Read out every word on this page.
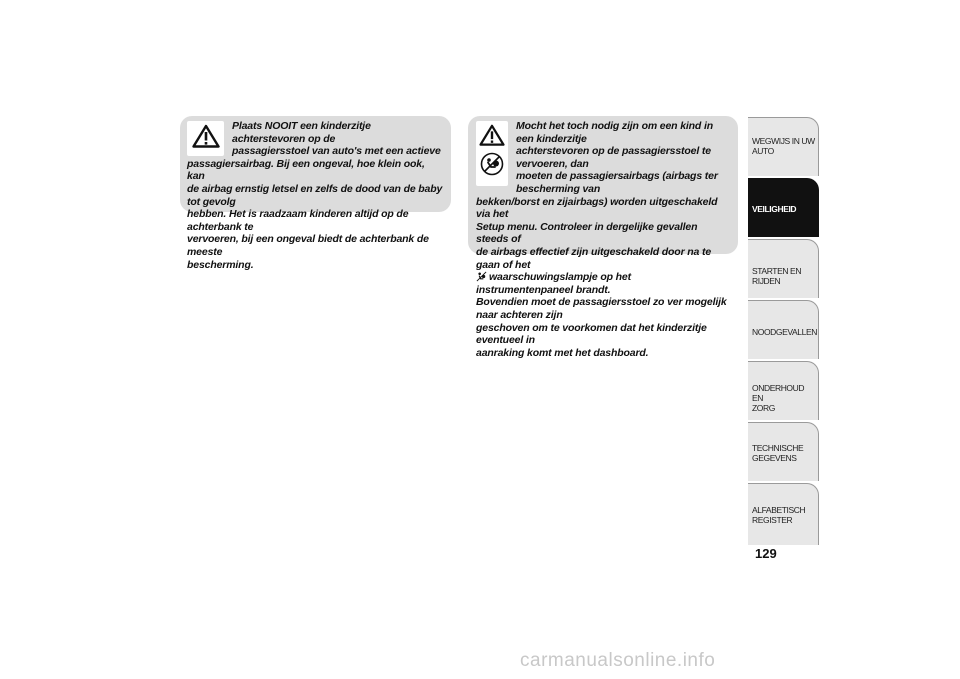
Plaats NOOIT een kinderzitje achterstevoren op de

passagiersstoel van auto's met een actieve

passagiersairbag. Bij een ongeval, hoe klein ook, kan

de airbag ernstig letsel en zelfs de dood van de baby tot gevolg

hebben. Het is raadzaam kinderen altijd op de achterbank te

vervoeren, bij een ongeval biedt de achterbank de meeste

bescherming.

Mocht het toch nodig zijn om een kind in een kinderzitje

achterstevoren op de passagiersstoel te vervoeren, dan

moeten de passagiersairbags (airbags ter bescherming van

bekken/borst en zijairbags) worden uitgeschakeld via het

Setup menu. Controleer in dergelijke gevallen steeds of

de airbags effectief zijn uitgeschakeld door na te gaan of het

waarschuwingslampje op het instrumentenpaneel brandt.

Bovendien moet de passagiersstoel zo ver mogelijk naar achteren zijn

geschoven om te voorkomen dat het kinderzitje eventueel in

aanraking komt met het dashboard.

WEGWIJS IN UW
AUTO
VEILIGHEID
STARTEN EN RIJDEN
NOODGEVALLEN
ONDERHOUD EN
ZORG
TECHNISCHE
GEGEVENS
ALFABETISCH
REGISTER
129
carmanualsonline.info
